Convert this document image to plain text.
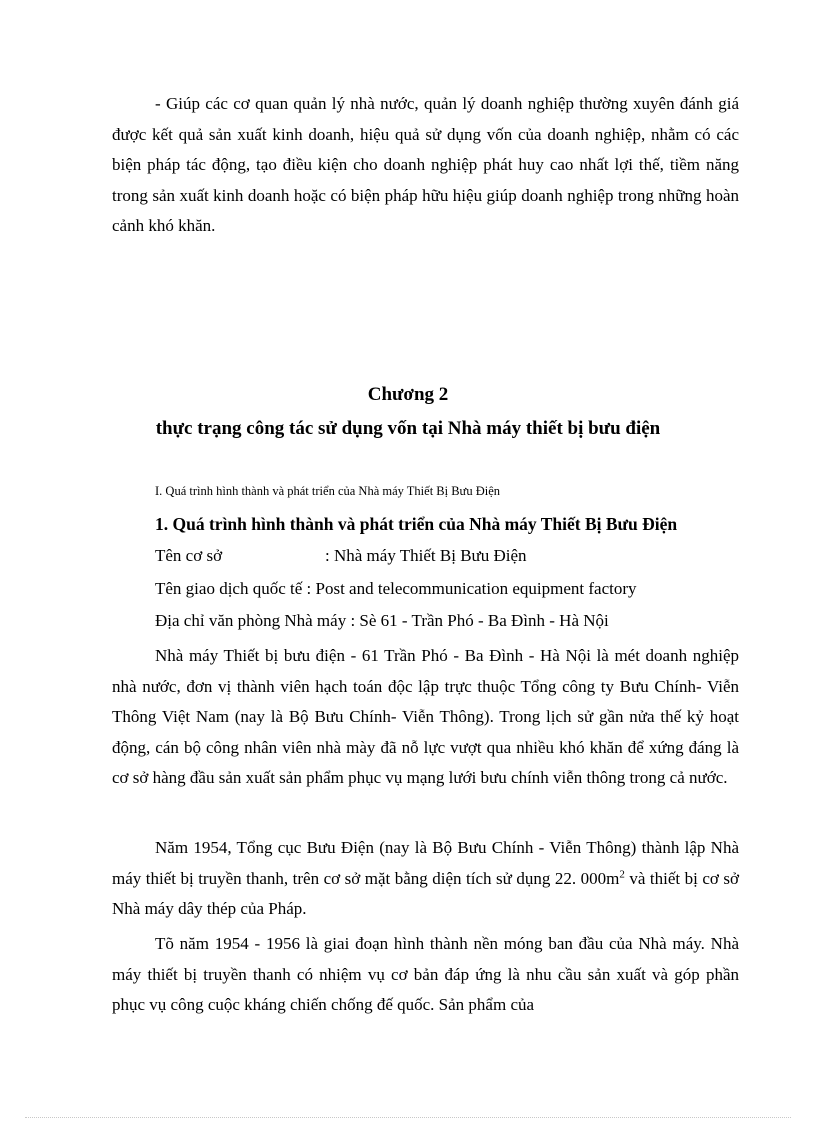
- Giúp các cơ quan quản lý nhà nước, quản lý doanh nghiệp thường xuyên đánh giá được kết quả sản xuất kinh doanh, hiệu quả sử dụng vốn của doanh nghiệp, nhằm có các biện pháp tác động, tạo điều kiện cho doanh nghiệp phát huy cao nhất lợi thế, tiềm năng trong sản xuất kinh doanh hoặc có biện pháp hữu hiệu giúp doanh nghiệp trong những hoàn cảnh khó khăn.

Chương 2
thực trạng công tác sử dụng vốn tại Nhà máy thiết bị bưu điện

I. Quá trình hình thành và phát triển của Nhà máy Thiết Bị Bưu Điện

1. Quá trình hình thành và phát triển của Nhà máy Thiết Bị Bưu Điện

Tên cơ sở	: Nhà máy Thiết Bị Bưu Điện

Tên giao dịch quốc tế : Post and telecommunication equipment factory

Địa chỉ văn phòng Nhà máy : Sè 61 - Trần Phó - Ba Đình - Hà Nội

Nhà máy Thiết bị bưu điện - 61 Trần Phó - Ba Đình - Hà Nội là mét doanh nghiệp nhà nước, đơn vị thành viên hạch toán độc lập trực thuộc Tổng công ty Bưu Chính- Viễn Thông Việt Nam (nay là Bộ Bưu Chính- Viễn Thông). Trong lịch sử gần nửa thế kỷ hoạt động, cán bộ công nhân viên nhà mày đã nỗ lực vượt qua nhiều khó khăn để xứng đáng là cơ sở hàng đầu sản xuất sản phẩm phục vụ mạng lưới bưu chính viễn thông trong cả nước.

Năm 1954, Tổng cục Bưu Điện (nay là Bộ Bưu Chính - Viễn Thông) thành lập Nhà máy thiết bị truyền thanh, trên cơ sở mặt bằng diện tích sử dụng 22. $000m^2$ và thiết bị cơ sở Nhà máy dây thép của Pháp.

Tõ năm 1954 - 1956 là giai đoạn hình thành nền móng ban đầu của Nhà máy. Nhà máy thiết bị truyền thanh có nhiệm vụ cơ bản đáp ứng là nhu cầu sản xuất và góp phần phục vụ công cuộc kháng chiến chống đế quốc. Sản phẩm của
